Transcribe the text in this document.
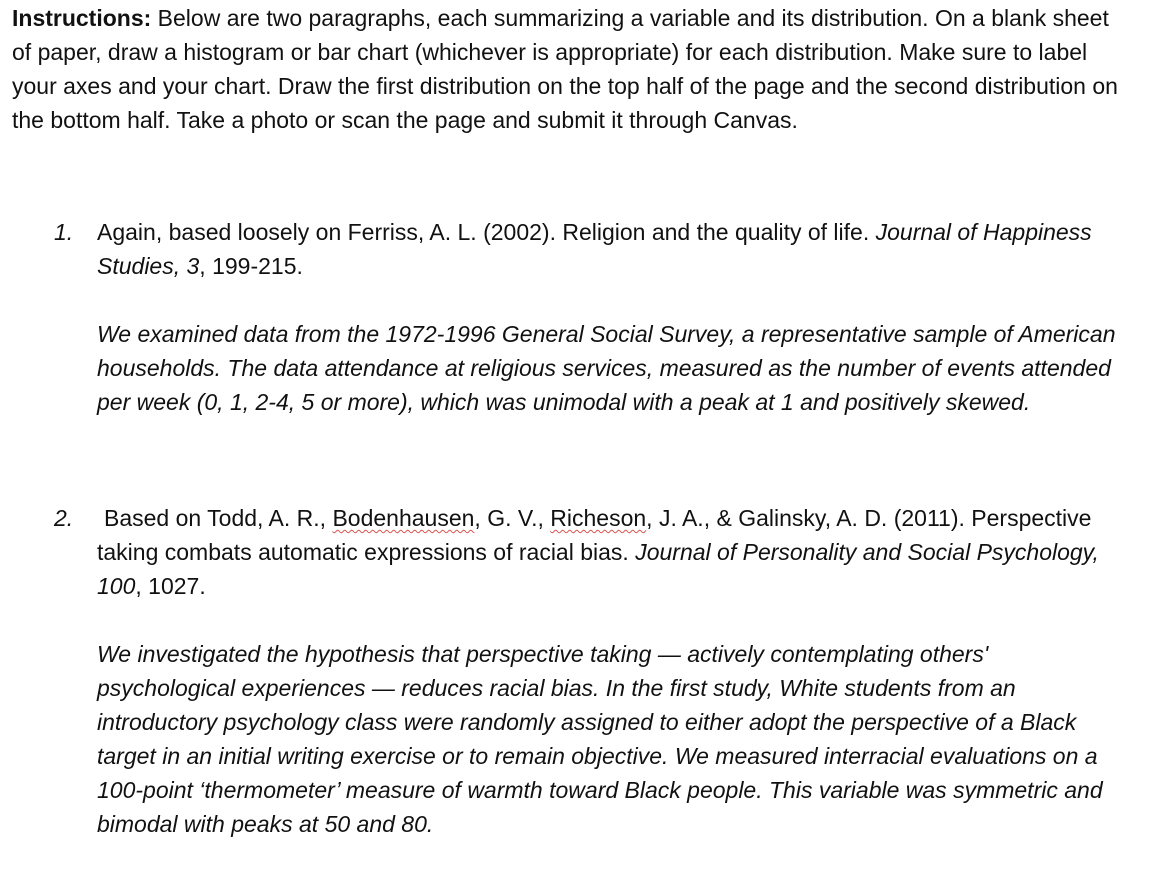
Instructions: Below are two paragraphs, each summarizing a variable and its distribution. On a blank sheet of paper, draw a histogram or bar chart (whichever is appropriate) for each distribution. Make sure to label your axes and your chart. Draw the first distribution on the top half of the page and the second distribution on the bottom half. Take a photo or scan the page and submit it through Canvas.

1. Again, based loosely on Ferriss, A. L. (2002). Religion and the quality of life. Journal of Happiness Studies, 3, 199-215.

We examined data from the 1972-1996 General Social Survey, a representative sample of American households. The data attendance at religious services, measured as the number of events attended per week (0, 1, 2-4, 5 or more), which was unimodal with a peak at 1 and positively skewed.

2.	Based on Todd, A. R., Bodenhausen, G. V., Richeson, J. A., & Galinsky, A. D. (2011). Perspective taking combats automatic expressions of racial bias. Journal of Personality and Social Psychology, 100, 1027.

We investigated the hypothesis that perspective taking — actively contemplating others' psychological experiences — reduces racial bias. In the first study, White students from an introductory psychology class were randomly assigned to either adopt the perspective of a Black target in an initial writing exercise or to remain objective. We measured interracial evaluations on a 100-point ‘thermometer’ measure of warmth toward Black people. This variable was symmetric and bimodal with peaks at 50 and 80.
